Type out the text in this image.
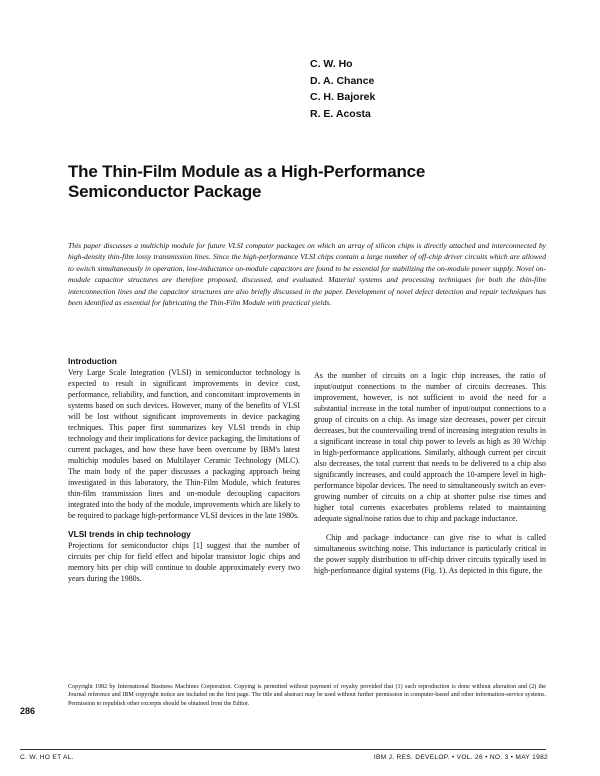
C. W. Ho
D. A. Chance
C. H. Bajorek
R. E. Acosta
The Thin-Film Module as a High-Performance Semiconductor Package

This paper discusses a multichip module for future VLSI computer packages on which an array of silicon chips is directly attached and interconnected by high-density thin-film lossy transmission lines. Since the high-performance VLSI chips contain a large number of off-chip driver circuits which are allowed to switch simultaneously in operation, low-inductance on-module capacitors are found to be essential for stabilizing the on-module power supply. Novel on-module capacitor structures are therefore proposed, discussed, and evaluated. Material systems and processing techniques for both the thin-film interconnection lines and the capacitor structures are also briefly discussed in the paper. Development of novel defect detection and repair techniques has been identified as essential for fabricating the Thin-Film Module with practical yields.

Introduction

Very Large Scale Integration (VLSI) in semiconductor technology is expected to result in significant improvements in device cost, performance, reliability, and function, and concomitant improvements in systems based on such devices. However, many of the benefits of VLSI will be lost without significant improvements in device packaging techniques. This paper first summarizes key VLSI trends in chip technology and their implications for device packaging, the limitations of current packages, and how these have been overcome by IBM's latest multichip modules based on Multilayer Ceramic Technology (MLC). The main body of the paper discusses a packaging approach being investigated in this laboratory, the Thin-Film Module, which features thin-film transmission lines and on-module decoupling capacitors integrated into the body of the module, improvements which are likely to be required to package high-performance VLSI devices in the late 1980s.

VLSI trends in chip technology

Projections for semiconductor chips [1] suggest that the number of circuits per chip for field effect and bipolar transistor logic chips and memory bits per chip will continue to double approximately every two years during the 1980s.

As the number of circuits on a logic chip increases, the ratio of input/output connections to the number of circuits decreases. This improvement, however, is not sufficient to avoid the need for a substantial increase in the total number of input/output connections to a group of circuits on a chip. As image size decreases, power per circuit decreases, but the countervailing trend of increasing integration results in a significant increase in total chip power to levels as high as 30 W/chip in high-performance applications. Similarly, although current per circuit also decreases, the total current that needs to be delivered to a chip also significantly increases, and could approach the 10-ampere level in high-performance bipolar devices. The need to simultaneously switch an ever-growing number of circuits on a chip at shorter pulse rise times and higher total currents exacerbates problems related to maintaining adequate signal/noise ratios due to chip and package inductance.

Chip and package inductance can give rise to what is called simultaneous switching noise. This inductance is particularly critical in the power supply distribution to off-chip driver circuits typically used in high-performance digital systems (Fig. 1). As depicted in this figure, the

Copyright 1982 by International Business Machines Corporation. Copying is permitted without payment of royalty provided that (1) each reproduction is done without alteration and (2) the Journal reference and IBM copyright notice are included on the first page. The title and abstract may be used without further permission in computer-based and other information-service systems. Permission to republish other excerpts should be obtained from the Editor.

286
C. W. HO ET AL.	IBM J. RES. DEVELOP. • VOL. 26 • NO. 3 • MAY 1982
